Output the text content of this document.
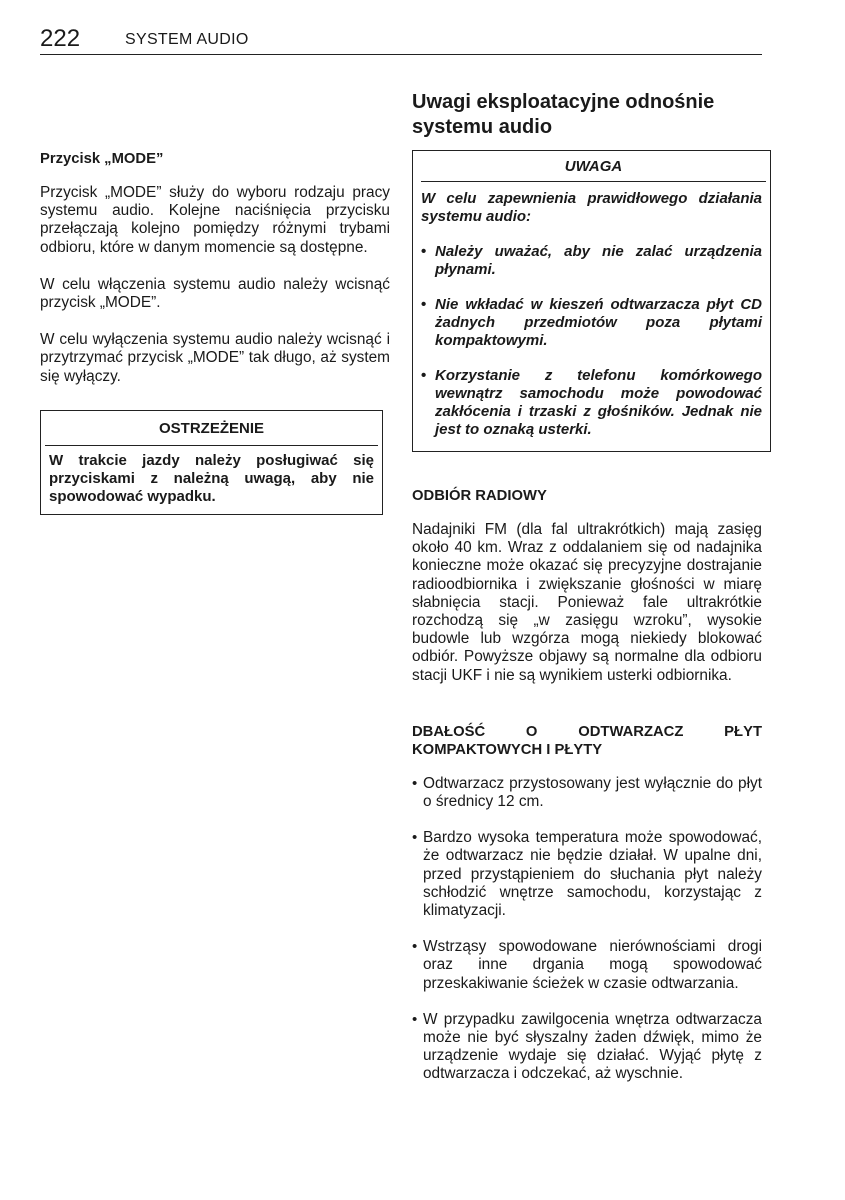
222	SYSTEM AUDIO
Przycisk „MODE”

Przycisk „MODE” służy do wyboru rodzaju pracy systemu audio. Kolejne naciśnięcia przycisku przełączają kolejno pomiędzy różnymi trybami odbioru, które w danym momencie są dostępne.

W celu włączenia systemu audio należy wcisnąć przycisk „MODE”.

W celu wyłączenia systemu audio należy wcisnąć i przytrzymać przycisk „MODE” tak długo, aż system się wyłączy.

OSTRZEŻENIE
W trakcie jazdy należy posługiwać się przyciskami z należną uwagą, aby nie spowodować wypadku.
Uwagi eksploatacyjne odnośnie systemu audio
UWAGA
W celu zapewnienia prawidłowego działania systemu audio:
• Należy uważać, aby nie zalać urządzenia płynami.
• Nie wkładać w kieszeń odtwarzacza płyt CD żadnych przedmiotów poza płytami kompaktowymi.
• Korzystanie z telefonu komórkowego wewnątrz samochodu może powodować zakłócenia i trzaski z głośników. Jednak nie jest to oznaką usterki.
ODBIÓR RADIOWY

Nadajniki FM (dla fal ultrakrótkich) mają zasięg około 40 km. Wraz z oddalaniem się od nadajnika konieczne może okazać się precyzyjne dostrajanie radioodbiornika i zwiększanie głośności w miarę słabnięcia stacji. Ponieważ fale ultrakrótkie rozchodzą się „w zasięgu wzroku”, wysokie budowle lub wzgórza mogą niekiedy blokować odbiór. Powyższe objawy są normalne dla odbioru stacji UKF i nie są wynikiem usterki odbiornika.

DBAŁOŚĆ O ODTWARZACZ PŁYT KOMPAKTOWYCH I PŁYTY
• Odtwarzacz przystosowany jest wyłącznie do płyt o średnicy 12 cm.
• Bardzo wysoka temperatura może spowodować, że odtwarzacz nie będzie działał. W upalne dni, przed przystąpieniem do słuchania płyt należy schłodzić wnętrze samochodu, korzystając z klimatyzacji.
• Wstrząsy spowodowane nierównościami drogi oraz inne drgania mogą spowodować przeskakiwanie ścieżek w czasie odtwarzania.
• W przypadku zawilgocenia wnętrza odtwarzacza może nie być słyszalny żaden dźwięk, mimo że urządzenie wydaje się działać. Wyjąć płytę z odtwarzacza i odczekać, aż wyschnie.
